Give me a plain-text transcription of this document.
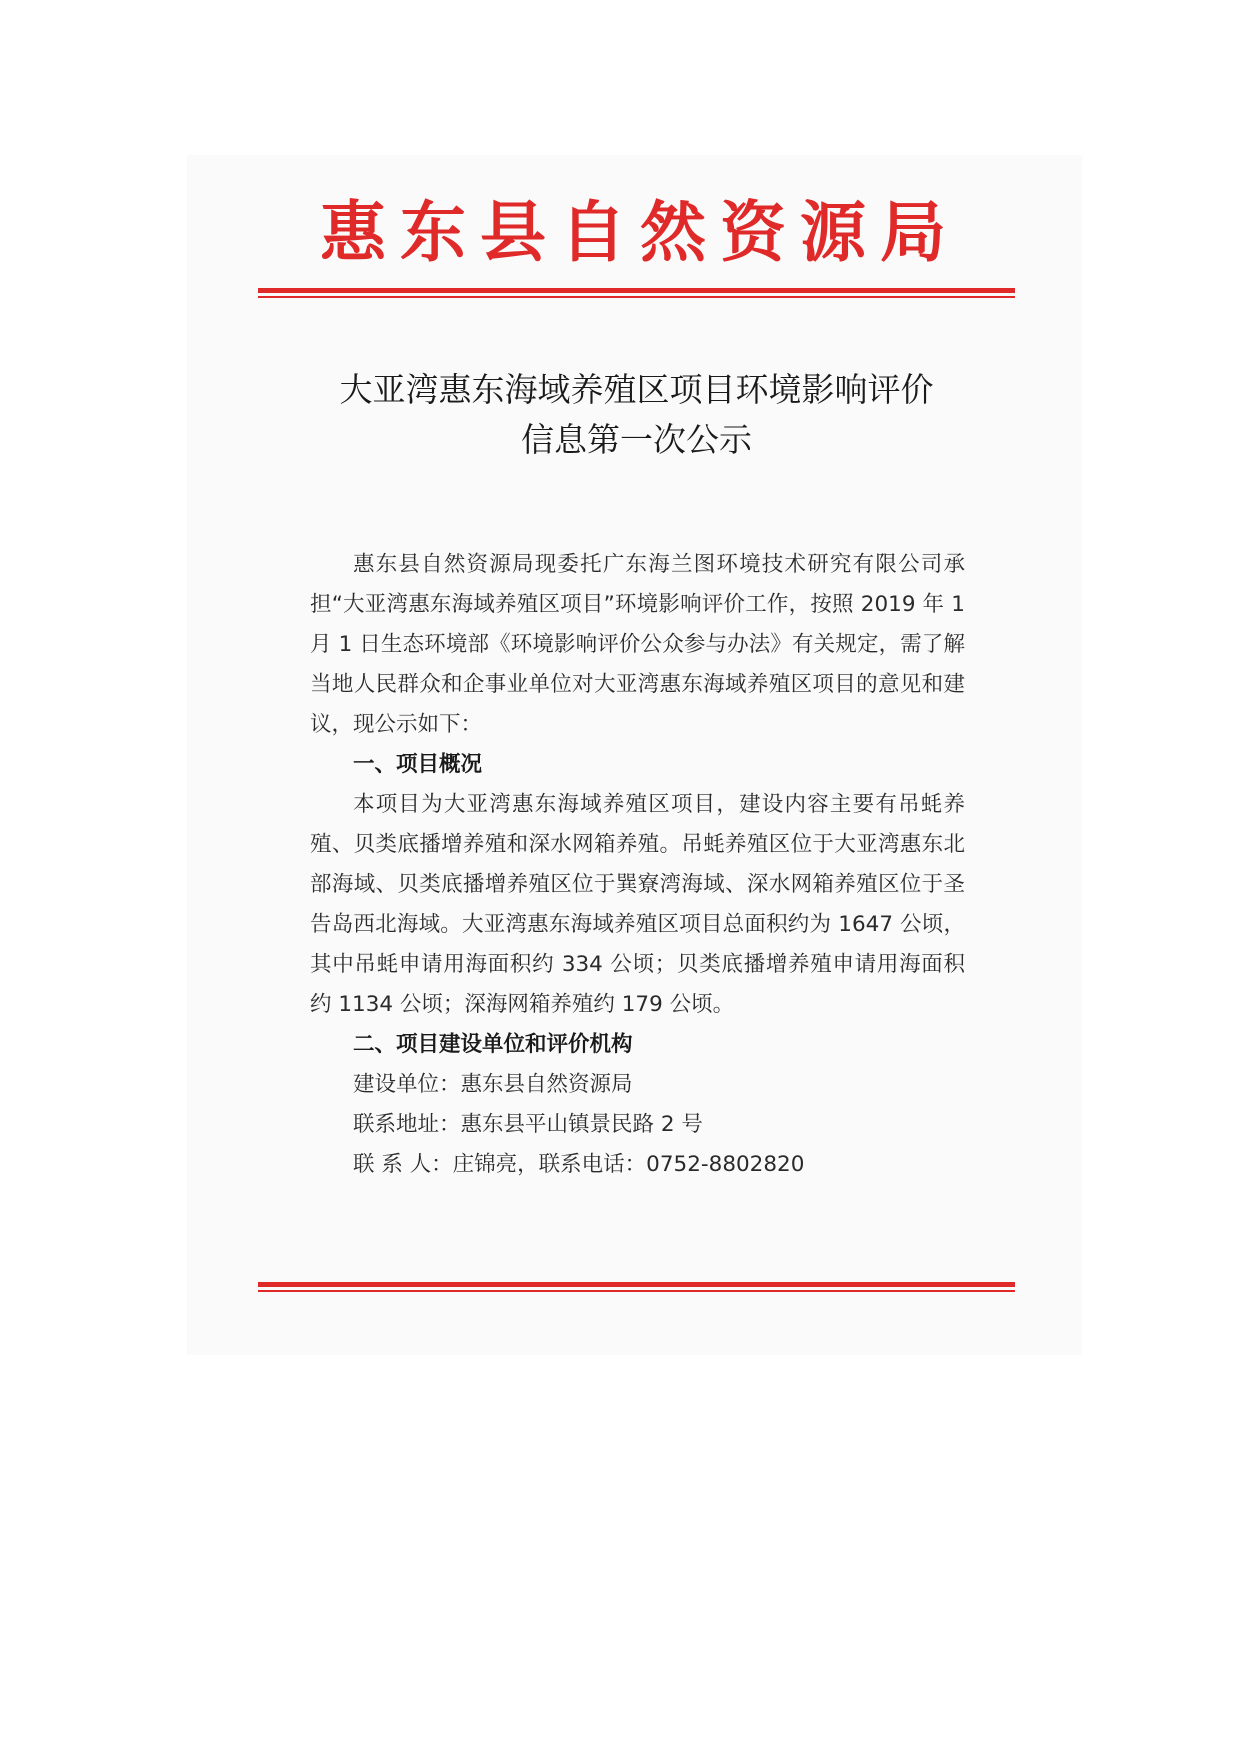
惠东县自然资源局
大亚湾惠东海域养殖区项目环境影响评价
信息第一次公示

惠东县自然资源局现委托广东海兰图环境技术研究有限公司承担“大亚湾惠东海域养殖区项目”环境影响评价工作，按照 2019 年 1 月 1 日生态环境部《环境影响评价公众参与办法》有关规定，需了解当地人民群众和企事业单位对大亚湾惠东海域养殖区项目的意见和建议，现公示如下：

一、项目概况

本项目为大亚湾惠东海域养殖区项目，建设内容主要有吊蚝养殖、贝类底播增养殖和深水网箱养殖。吊蚝养殖区位于大亚湾惠东北部海域、贝类底播增养殖区位于巽寮湾海域、深水网箱养殖区位于圣告岛西北海域。大亚湾惠东海域养殖区项目总面积约为 1647 公顷，其中吊蚝申请用海面积约 334 公顷；贝类底播增养殖申请用海面积约 1134 公顷；深海网箱养殖约 179 公顷。

二、项目建设单位和评价机构

建设单位：惠东县自然资源局

联系地址：惠东县平山镇景民路 2 号

联 系 人：庄锦亮，联系电话：0752-8802820
